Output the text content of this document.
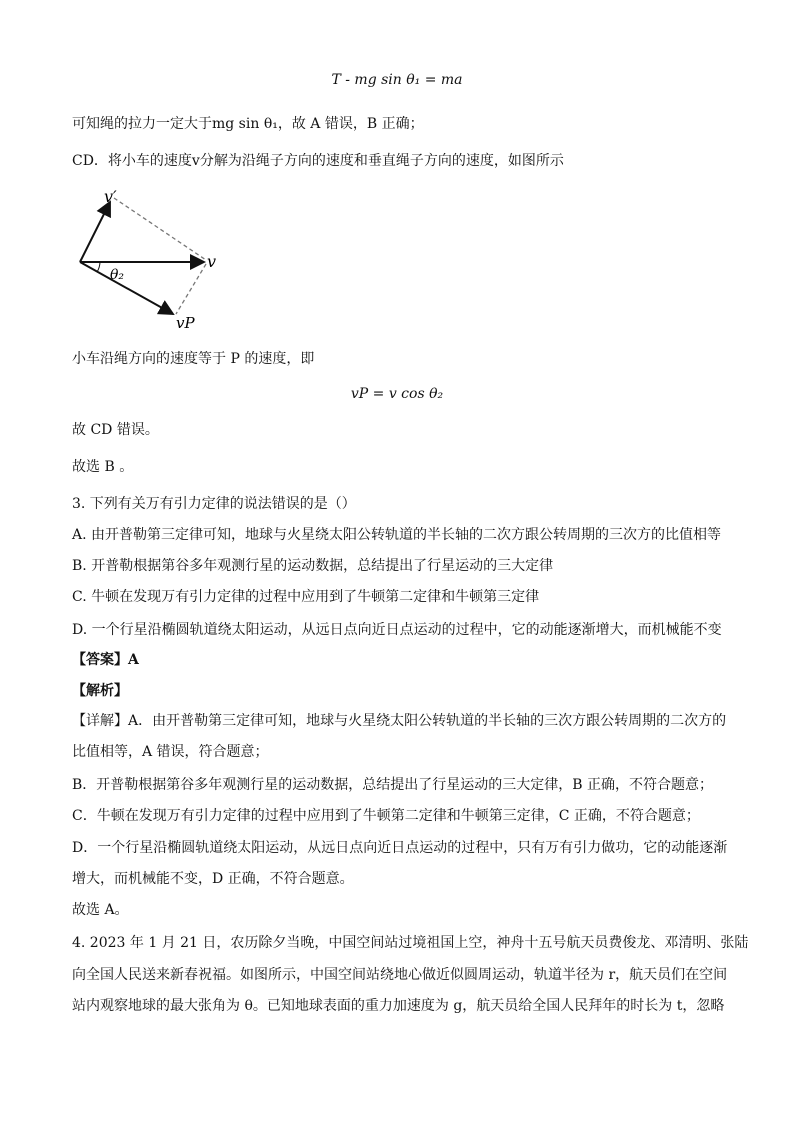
T - mg sin θ₁ = ma
可知绳的拉力一定大于mg sin θ₁，故 A 错误，B 正确；
CD．将小车的速度v分解为沿绳子方向的速度和垂直绳子方向的速度，如图所示
v′
v
θ₂
vP
小车沿绳方向的速度等于 P 的速度，即
vP = v cos θ₂
故 CD 错误。
故选 B 。
3. 下列有关万有引力定律的说法错误的是（）
A. 由开普勒第三定律可知，地球与火星绕太阳公转轨道的半长轴的二次方跟公转周期的三次方的比值相等
B. 开普勒根据第谷多年观测行星的运动数据，总结提出了行星运动的三大定律
C. 牛顿在发现万有引力定律的过程中应用到了牛顿第二定律和牛顿第三定律
D. 一个行星沿椭圆轨道绕太阳运动，从远日点向近日点运动的过程中，它的动能逐渐增大，而机械能不变
【答案】A
【解析】
【详解】A．由开普勒第三定律可知，地球与火星绕太阳公转轨道的半长轴的三次方跟公转周期的二次方的
比值相等，A 错误，符合题意；
B．开普勒根据第谷多年观测行星的运动数据，总结提出了行星运动的三大定律，B 正确，不符合题意；
C．牛顿在发现万有引力定律的过程中应用到了牛顿第二定律和牛顿第三定律，C 正确，不符合题意；
D．一个行星沿椭圆轨道绕太阳运动，从远日点向近日点运动的过程中，只有万有引力做功，它的动能逐渐
增大，而机械能不变，D 正确，不符合题意。
故选 A。
4. 2023 年 1 月 21 日，农历除夕当晚，中国空间站过境祖国上空，神舟十五号航天员费俊龙、邓清明、张陆
向全国人民送来新春祝福。如图所示，中国空间站绕地心做近似圆周运动，轨道半径为 r，航天员们在空间
站内观察地球的最大张角为 θ。已知地球表面的重力加速度为 g，航天员给全国人民拜年的时长为 t，忽略
